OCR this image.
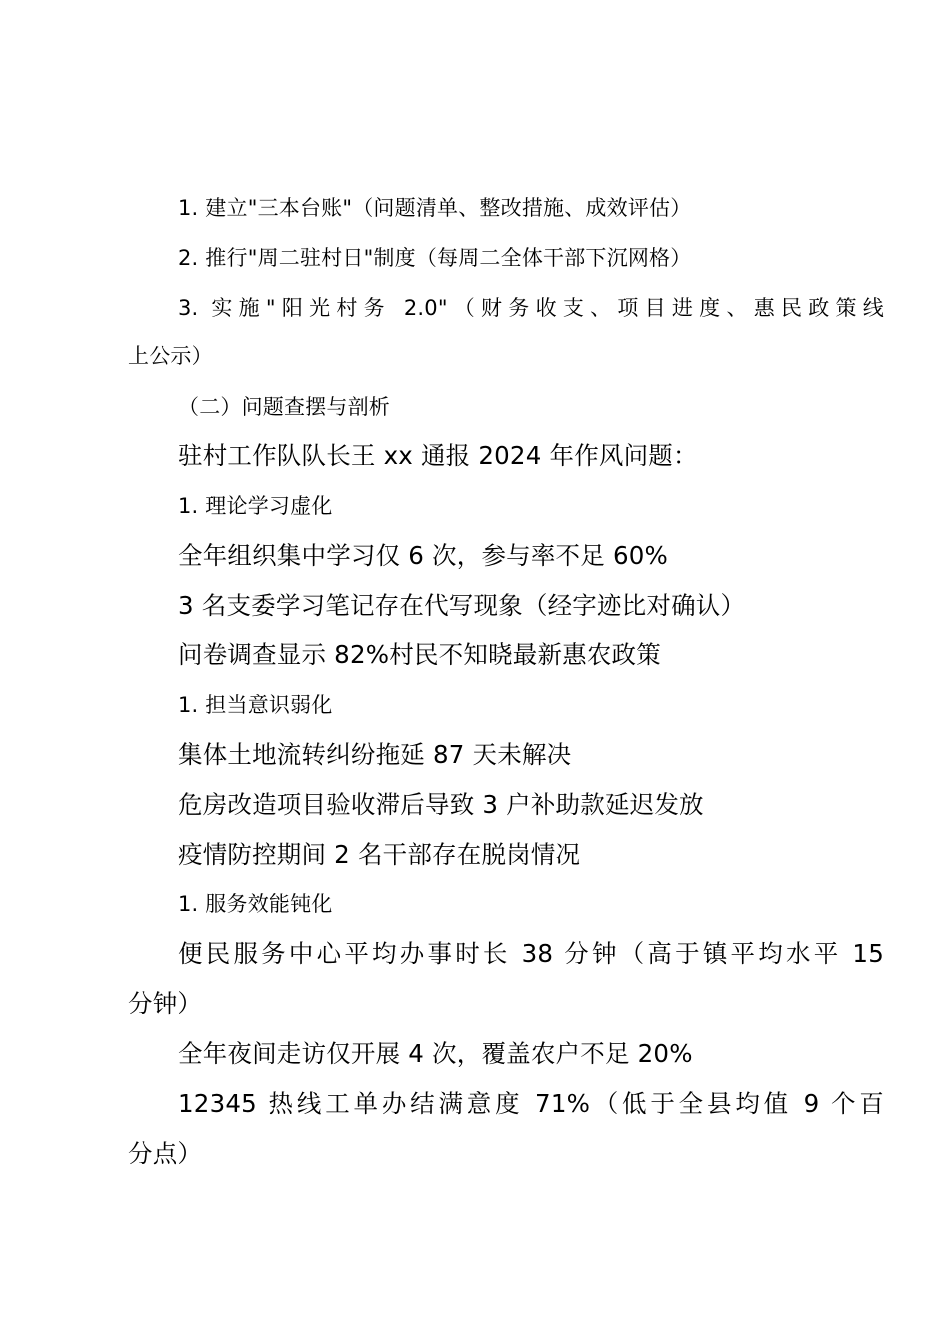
1. 建立"三本台账"（问题清单、整改措施、成效评估）
2. 推行"周二驻村日"制度（每周二全体干部下沉网格）
3. 实施"阳光村务 2.0"（财务收支、项目进度、惠民政策线
上公示）
（二）问题查摆与剖析
驻村工作队队长王 xx 通报 2024 年作风问题：
1. 理论学习虚化
全年组织集中学习仅 6 次，参与率不足 60%
3 名支委学习笔记存在代写现象（经字迹比对确认）
问卷调查显示 82%村民不知晓最新惠农政策
1. 担当意识弱化
集体土地流转纠纷拖延 87 天未解决
危房改造项目验收滞后导致 3 户补助款延迟发放
疫情防控期间 2 名干部存在脱岗情况
1. 服务效能钝化
便民服务中心平均办事时长 38 分钟（高于镇平均水平 15
分钟）
全年夜间走访仅开展 4 次，覆盖农户不足 20%
12345 热线工单办结满意度 71%（低于全县均值 9 个百
分点）
